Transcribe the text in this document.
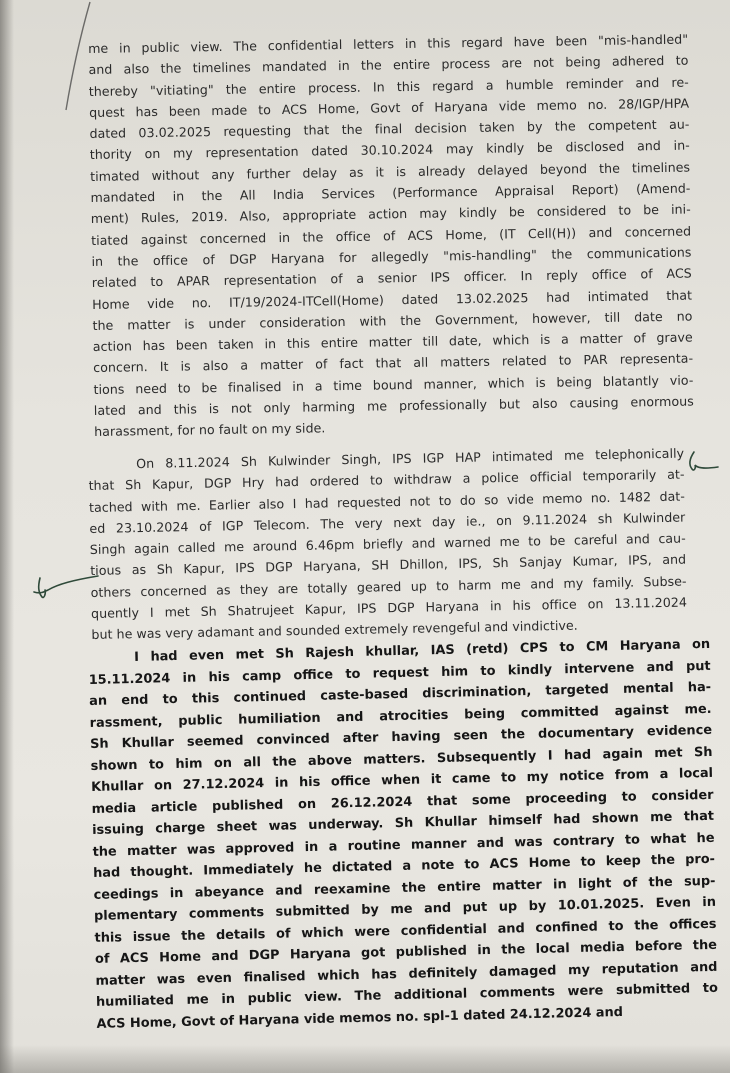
me in public view. The confidential letters in this regard have been "mis-handled"
and also the timelines mandated in the entire process are not being adhered to
thereby "vitiating" the entire process. In this regard a humble reminder and re-
quest has been made to ACS Home, Govt of Haryana vide memo no. 28/IGP/HPA
dated 03.02.2025 requesting that the final decision taken by the competent au-
thority on my representation dated 30.10.2024 may kindly be disclosed and in-
timated without any further delay as it is already delayed beyond the timelines
mandated in the All India Services (Performance Appraisal Report) (Amend-
ment) Rules, 2019. Also, appropriate action may kindly be considered to be ini-
tiated against concerned in the office of ACS Home, (IT Cell(H)) and concerned
in the office of DGP Haryana for allegedly "mis-handling" the communications
related to APAR representation of a senior IPS officer. In reply office of ACS
Home vide no. IT/19/2024-ITCell(Home) dated 13.02.2025 had intimated that
the matter is under consideration with the Government, however, till date no
action has been taken in this entire matter till date, which is a matter of grave
concern. It is also a matter of fact that all matters related to PAR representa-
tions need to be finalised in a time bound manner, which is being blatantly vio-
lated and this is not only harming me professionally but also causing enormous
harassment, for no fault on my side.
On 8.11.2024 Sh Kulwinder Singh, IPS IGP HAP intimated me telephonically
that Sh Kapur, DGP Hry had ordered to withdraw a police official temporarily at-
tached with me. Earlier also I had requested not to do so vide memo no. 1482 dat-
ed 23.10.2024 of IGP Telecom. The very next day ie., on 9.11.2024 sh Kulwinder
Singh again called me around 6.46pm briefly and warned me to be careful and cau-
tious as Sh Kapur, IPS DGP Haryana, SH Dhillon, IPS, Sh Sanjay Kumar, IPS, and
others concerned as they are totally geared up to harm me and my family. Subse-
quently I met Sh Shatrujeet Kapur, IPS DGP Haryana in his office on 13.11.2024
but he was very adamant and sounded extremely revengeful and vindictive.
I had even met Sh Rajesh khullar, IAS (retd) CPS to CM Haryana on
15.11.2024 in his camp office to request him to kindly intervene and put
an end to this continued caste-based discrimination, targeted mental ha-
rassment, public humiliation and atrocities being committed against me.
Sh Khullar seemed convinced after having seen the documentary evidence
shown to him on all the above matters. Subsequently I had again met Sh
Khullar on 27.12.2024 in his office when it came to my notice from a local
media article published on 26.12.2024 that some proceeding to consider
issuing charge sheet was underway. Sh Khullar himself had shown me that
the matter was approved in a routine manner and was contrary to what he
had thought. Immediately he dictated a note to ACS Home to keep the pro-
ceedings in abeyance and reexamine the entire matter in light of the sup-
plementary comments submitted by me and put up by 10.01.2025. Even in
this issue the details of which were confidential and confined to the offices
of ACS Home and DGP Haryana got published in the local media before the
matter was even finalised which has definitely damaged my reputation and
humiliated me in public view. The additional comments were submitted to
ACS Home, Govt of Haryana vide memos no. spl-1 dated 24.12.2024 and
